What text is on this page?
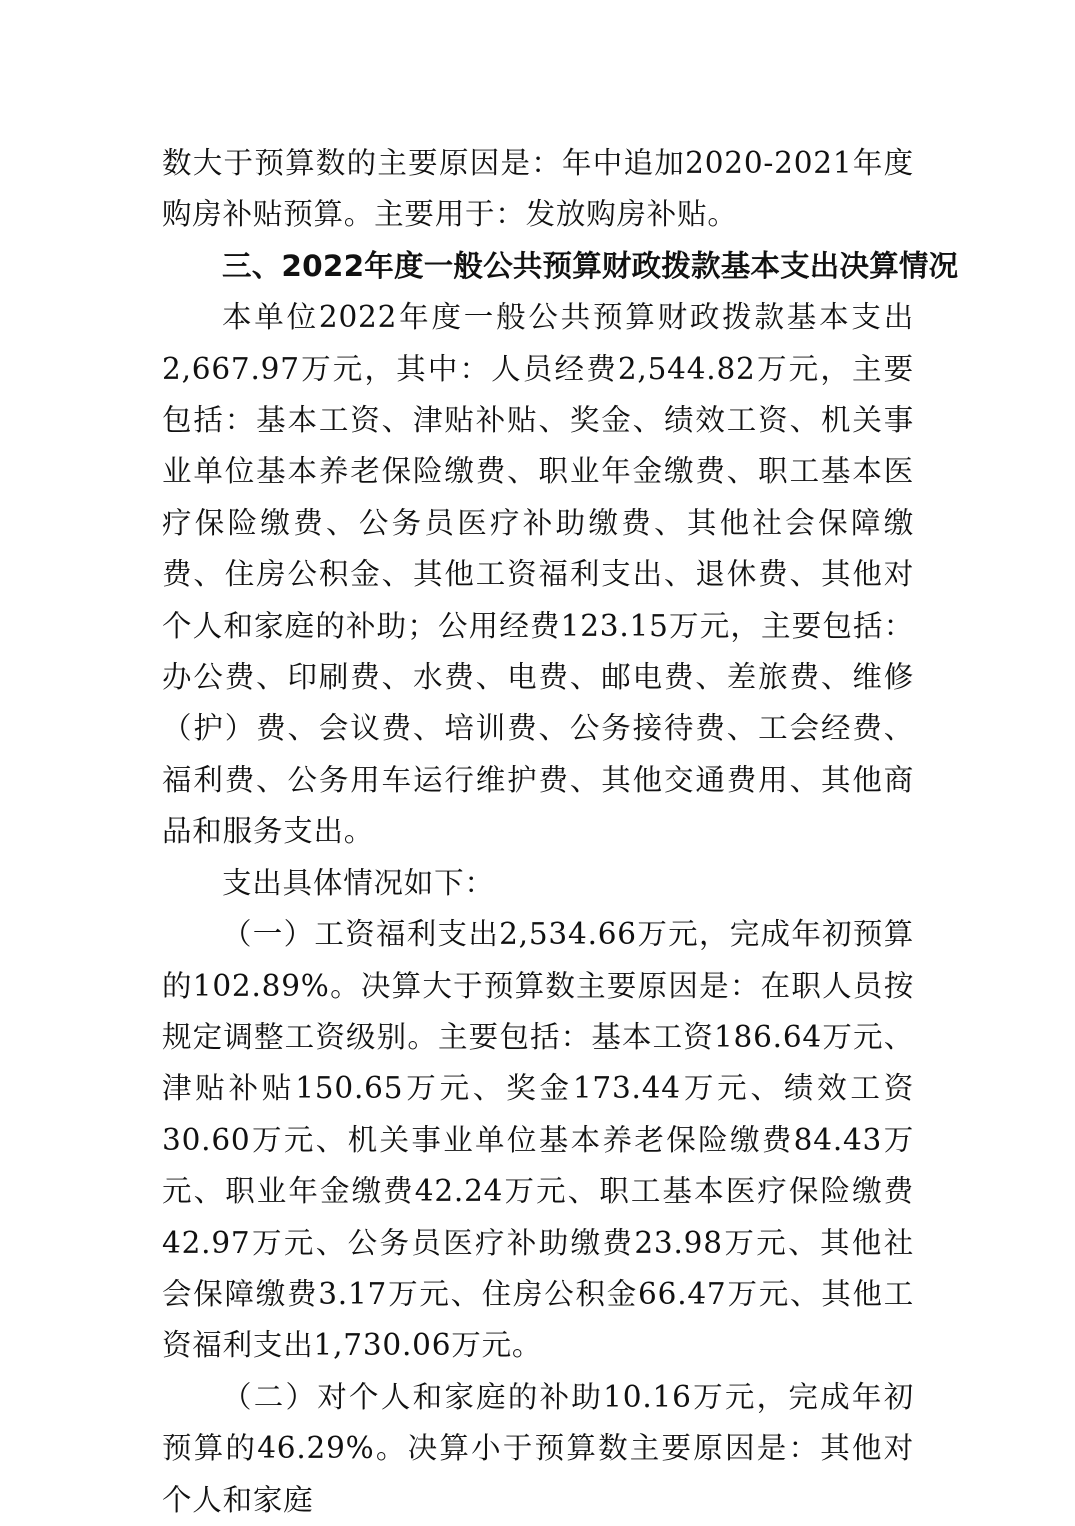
数大于预算数的主要原因是：年中追加2020-2021年度购房补贴预算。主要用于：发放购房补贴。

三、2022年度一般公共预算财政拨款基本支出决算情况

本单位2022年度一般公共预算财政拨款基本支出2,667.97万元，其中：人员经费2,544.82万元，主要包括：基本工资、津贴补贴、奖金、绩效工资、机关事业单位基本养老保险缴费、职业年金缴费、职工基本医疗保险缴费、公务员医疗补助缴费、其他社会保障缴费、住房公积金、其他工资福利支出、退休费、其他对个人和家庭的补助；公用经费123.15万元，主要包括：办公费、印刷费、水费、电费、邮电费、差旅费、维修（护）费、会议费、培训费、公务接待费、工会经费、福利费、公务用车运行维护费、其他交通费用、其他商品和服务支出。

支出具体情况如下：

（一）工资福利支出2,534.66万元，完成年初预算的102.89%。决算大于预算数主要原因是：在职人员按规定调整工资级别。主要包括：基本工资186.64万元、津贴补贴150.65万元、奖金173.44万元、绩效工资30.60万元、机关事业单位基本养老保险缴费84.43万元、职业年金缴费42.24万元、职工基本医疗保险缴费42.97万元、公务员医疗补助缴费23.98万元、其他社会保障缴费3.17万元、住房公积金66.47万元、其他工资福利支出1,730.06万元。

（二）对个人和家庭的补助10.16万元，完成年初预算的46.29%。决算小于预算数主要原因是：其他对个人和家庭
